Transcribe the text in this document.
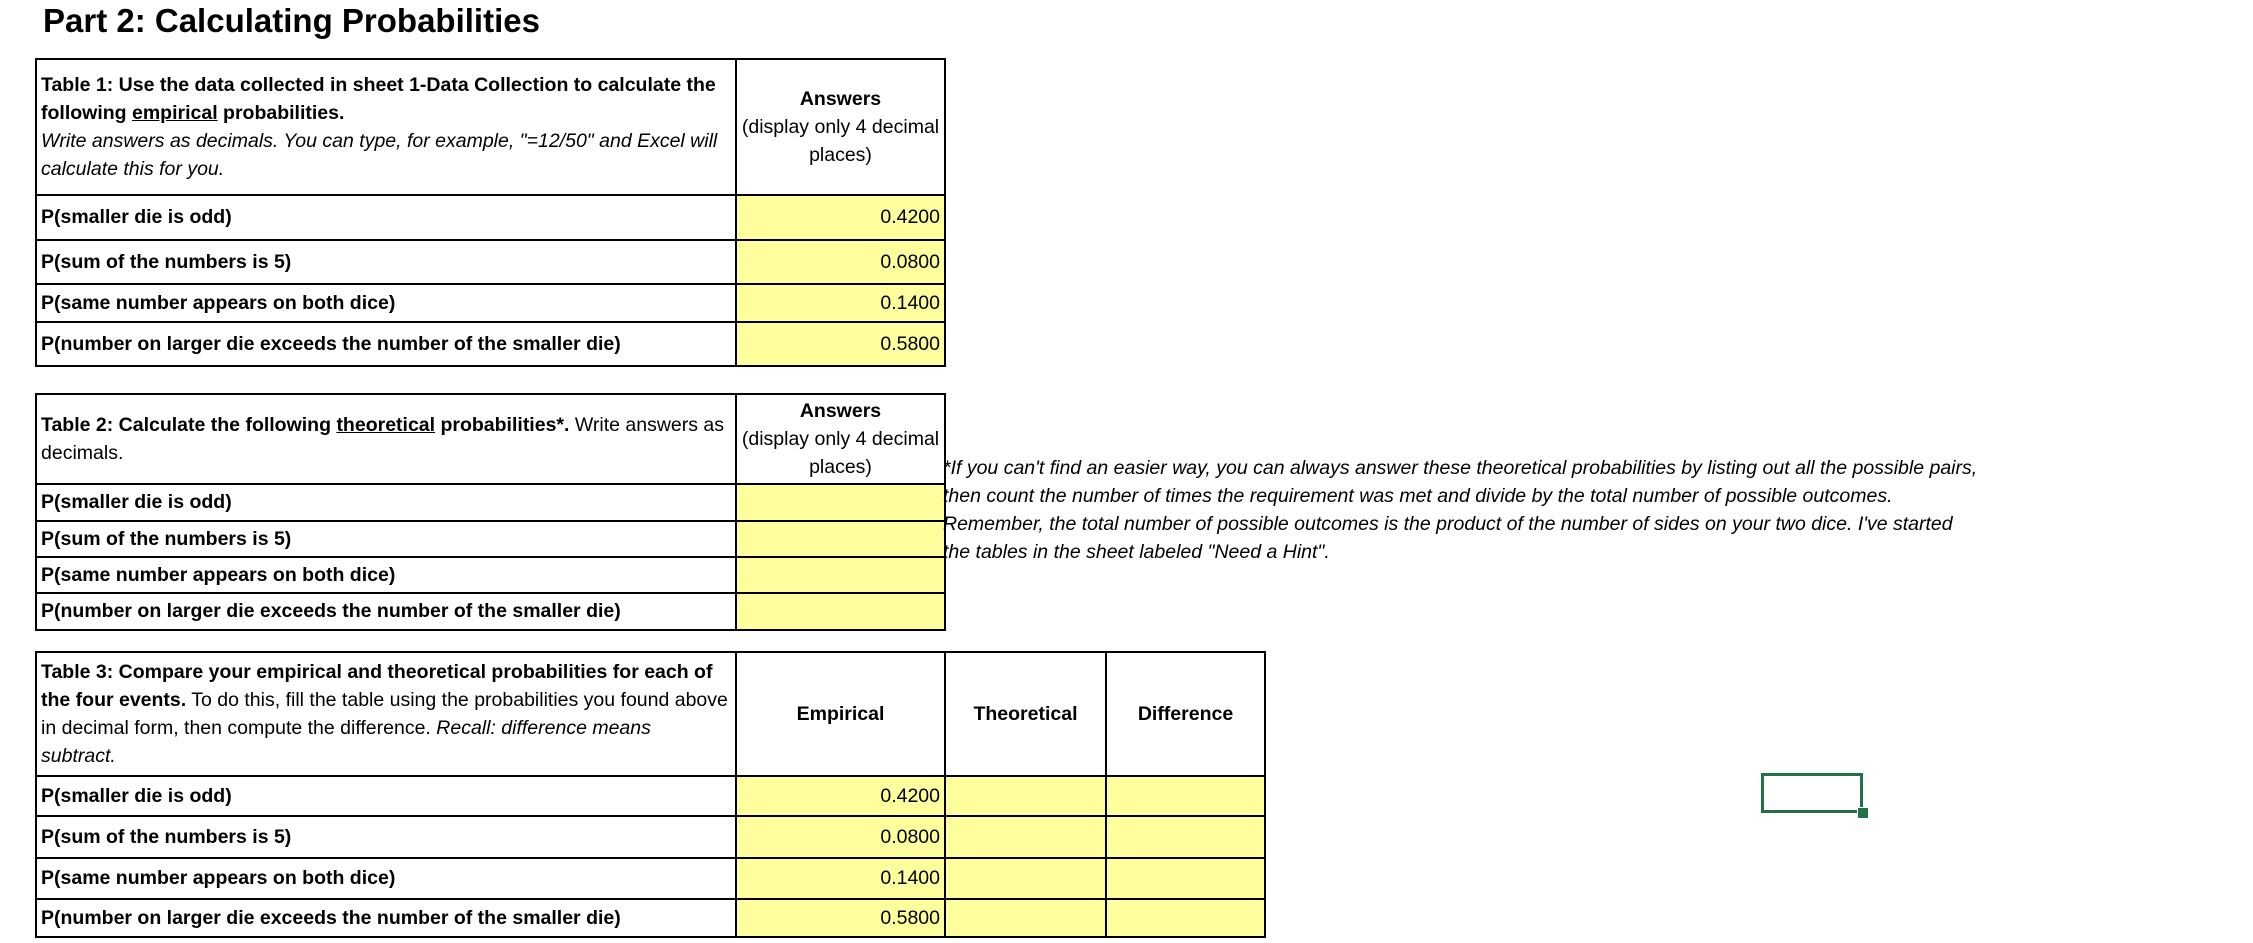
Part 2: Calculating Probabilities
Table 1: Use the data collected in sheet 1-Data Collection to calculate the following empirical probabilities.
Write answers as decimals. You can type, for example, "=12/50" and Excel will calculate this for you.	Answers
(display only 4 decimal places)
P(smaller die is odd)	0.4200
P(sum of the numbers is 5)	0.0800
P(same number appears on both dice)	0.1400
P(number on larger die exceeds the number of the smaller die)	0.5800
Table 2: Calculate the following theoretical probabilities*. Write answers as decimals.	Answers
(display only 4 decimal places)
P(smaller die is odd)	
P(sum of the numbers is 5)	
P(same number appears on both dice)	
P(number on larger die exceeds the number of the smaller die)	
*If you can't find an easier way, you can always answer these theoretical probabilities by listing out all the possible pairs, then count the number of times the requirement was met and divide by the total number of possible outcomes. Remember, the total number of possible outcomes is the product of the number of sides on your two dice. I've started the tables in the sheet labeled "Need a Hint".
Table 3: Compare your empirical and theoretical probabilities for each of the four events. To do this, fill the table using the probabilities you found above in decimal form, then compute the difference. Recall: difference means subtract.	Empirical	Theoretical	Difference
P(smaller die is odd)	0.4200		
P(sum of the numbers is 5)	0.0800		
P(same number appears on both dice)	0.1400		
P(number on larger die exceeds the number of the smaller die)	0.5800		
